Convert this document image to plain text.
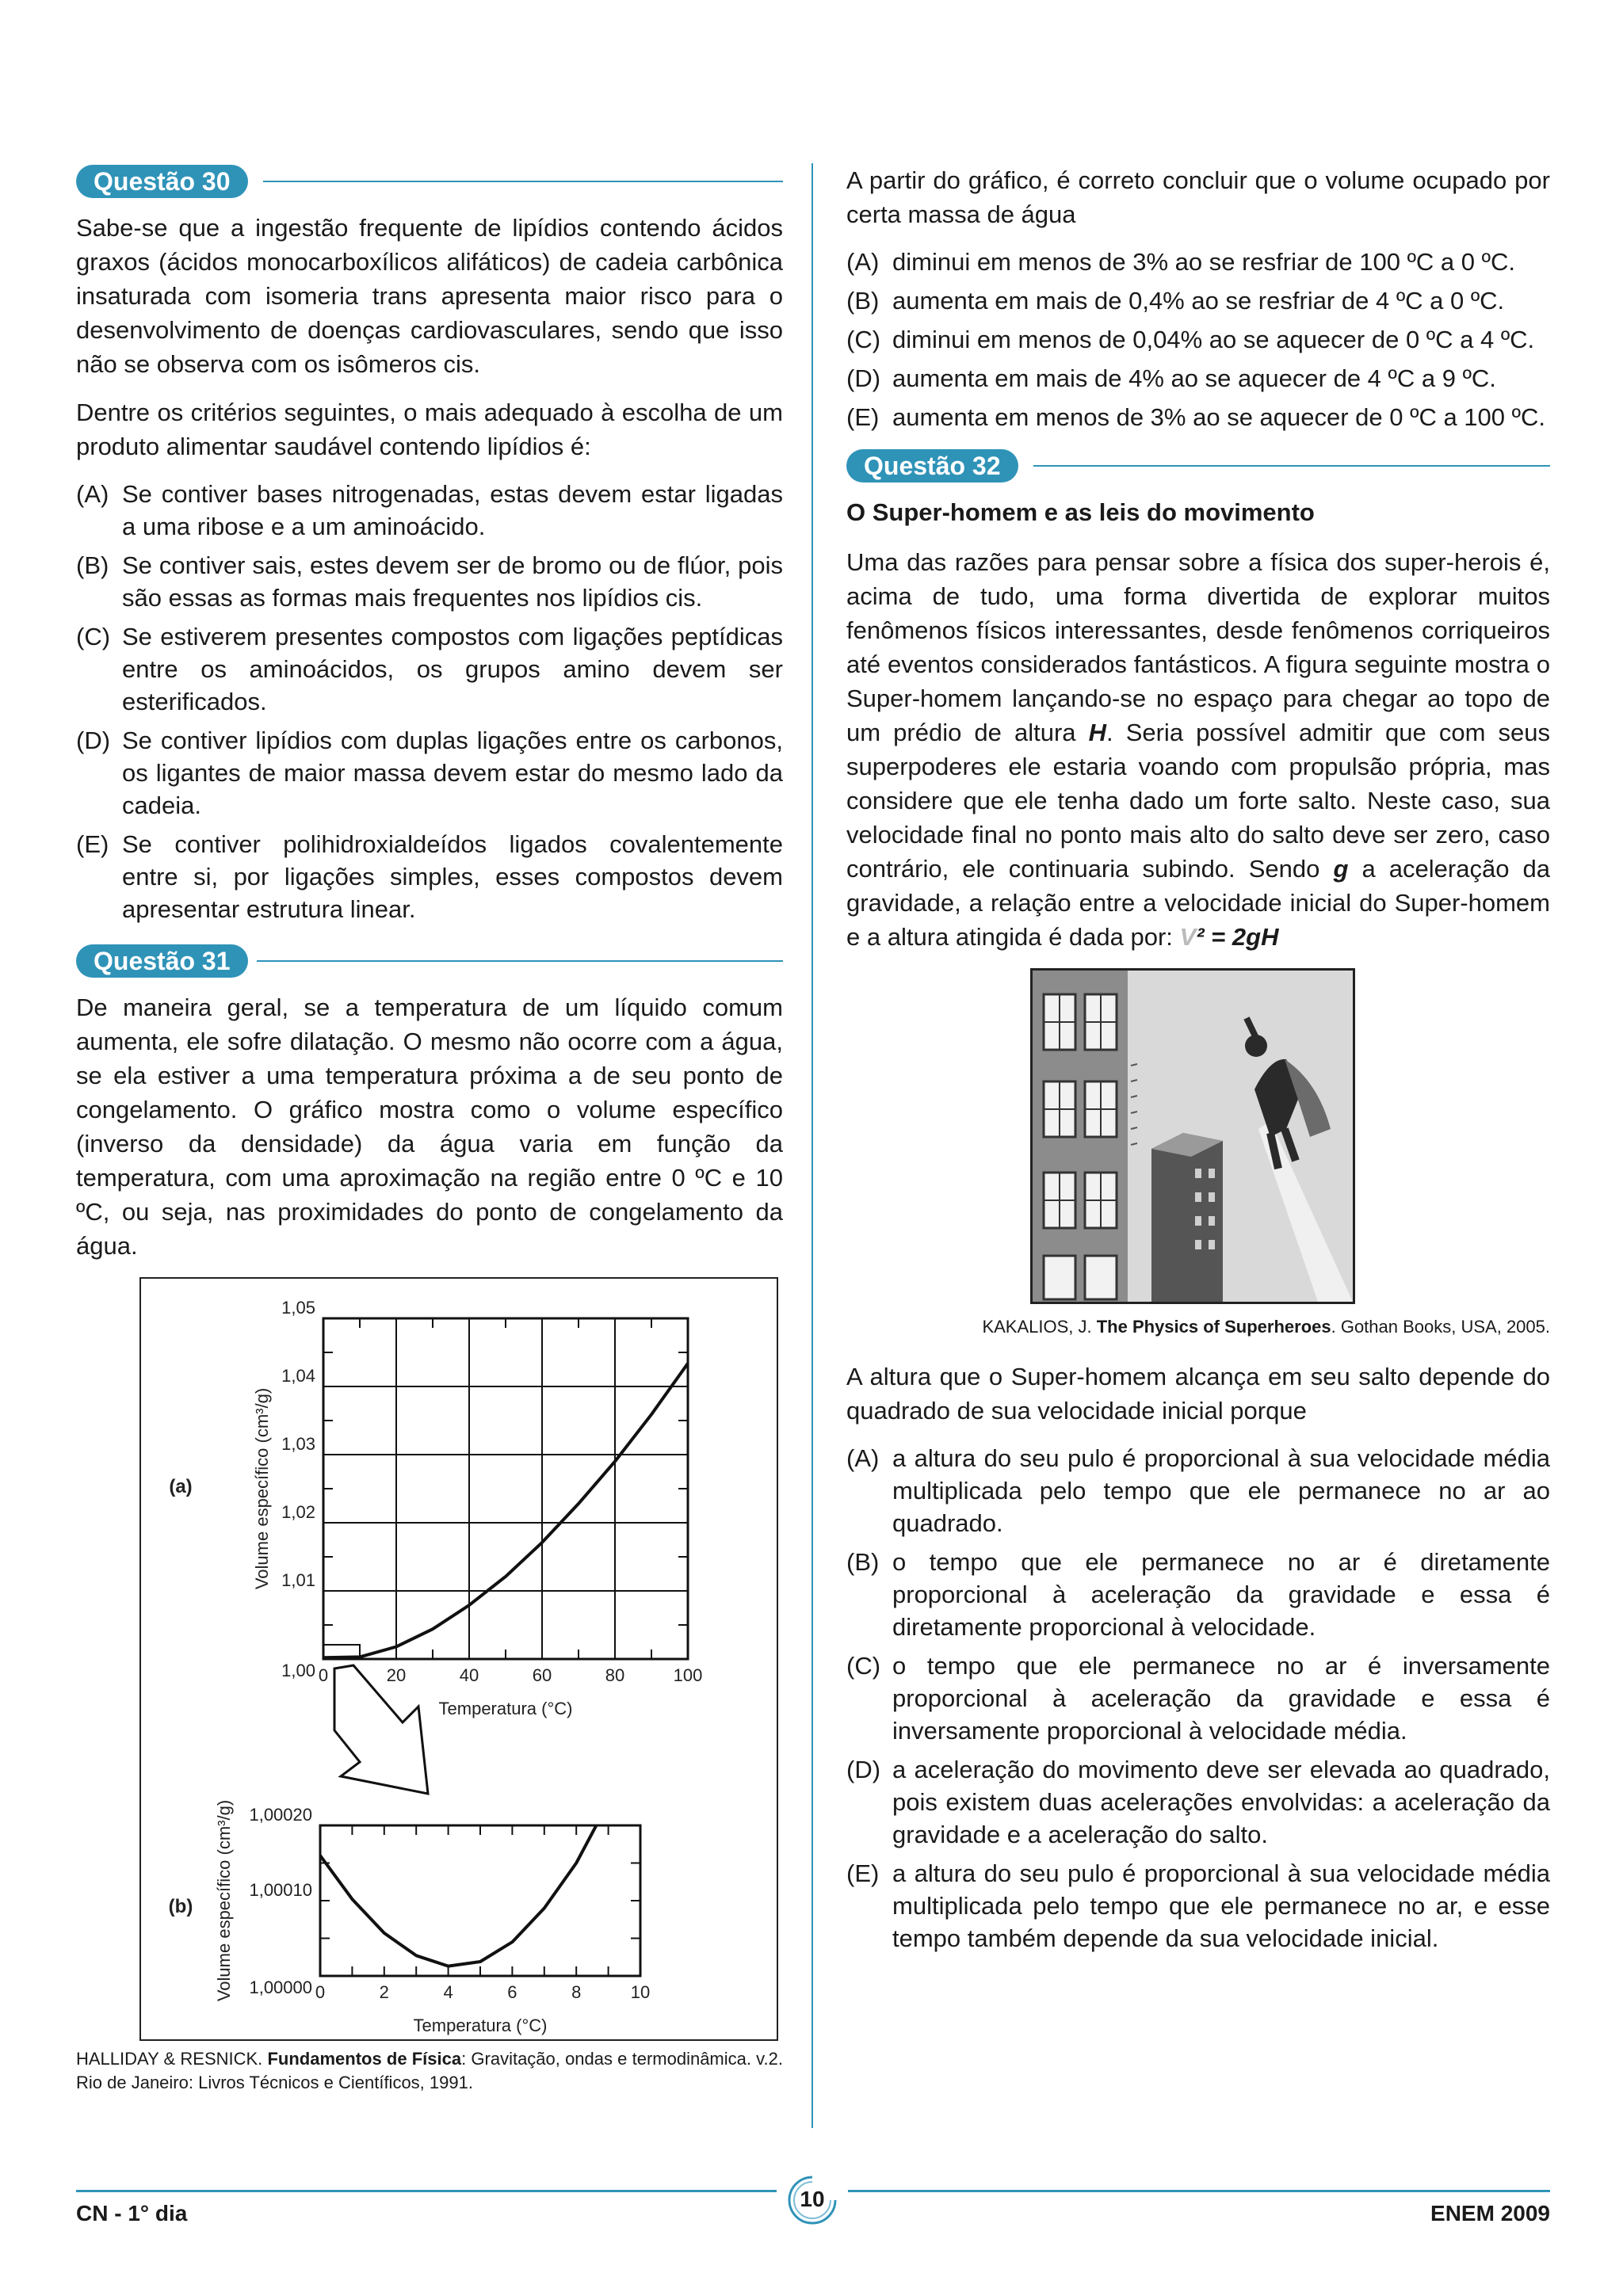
Questão 30

Sabe-se que a ingestão frequente de lipídios contendo ácidos graxos (ácidos monocarboxílicos alifáticos) de cadeia carbônica insaturada com isomeria trans apresenta maior risco para o desenvolvimento de doenças cardiovasculares, sendo que isso não se observa com os isômeros cis.

Dentre os critérios seguintes, o mais adequado à escolha de um produto alimentar saudável contendo lipídios é:

(A) Se contiver bases nitrogenadas, estas devem estar ligadas a uma ribose e a um aminoácido.
(B) Se contiver sais, estes devem ser de bromo ou de flúor, pois são essas as formas mais frequentes nos lipídios cis.
(C) Se estiverem presentes compostos com ligações peptídicas entre os aminoácidos, os grupos amino devem ser esterificados.
(D) Se contiver lipídios com duplas ligações entre os carbonos, os ligantes de maior massa devem estar do mesmo lado da cadeia.
(E) Se contiver polihidroxialdeídos ligados covalentemente entre si, por ligações simples, esses compostos devem apresentar estrutura linear.
Questão 31

De maneira geral, se a temperatura de um líquido comum aumenta, ele sofre dilatação. O mesmo não ocorre com a água, se ela estiver a uma temperatura próxima a de seu ponto de congelamento. O gráfico mostra como o volume específico (inverso da densidade) da água varia em função da temperatura, com uma aproximação na região entre 0 ºC e 10 ºC, ou seja, nas proximidades do ponto de congelamento da água.

0	20	40	60	80	100
1,00
1,01
1,02
1,03
1,04
1,05
Temperatura (°C)
Volume específico (cm³/g)
(a)
0	2	4	6	8	10
1,00000
1,00010
1,00020
Temperatura (°C)
Volume específico (cm³/g)
(b)
HALLIDAY & RESNICK. Fundamentos de Física: Gravitação, ondas e termodinâmica. v.2. Rio de Janeiro: Livros Técnicos e Científicos, 1991.

A partir do gráfico, é correto concluir que o volume ocupado por certa massa de água

(A) diminui em menos de 3% ao se resfriar de 100 ºC a 0 ºC.
(B) aumenta em mais de 0,4% ao se resfriar de 4 ºC a 0 ºC.
(C) diminui em menos de 0,04% ao se aquecer de 0 ºC a 4 ºC.
(D) aumenta em mais de 4% ao se aquecer de 4 ºC a 9 ºC.
(E) aumenta em menos de 3% ao se aquecer de 0 ºC a 100 ºC.
Questão 32
O Super-homem e as leis do movimento

Uma das razões para pensar sobre a física dos super-herois é, acima de tudo, uma forma divertida de explorar muitos fenômenos físicos interessantes, desde fenômenos corriqueiros até eventos considerados fantásticos. A figura seguinte mostra o Super-homem lançando-se no espaço para chegar ao topo de um prédio de altura H. Seria possível admitir que com seus superpoderes ele estaria voando com propulsão própria, mas considere que ele tenha dado um forte salto. Neste caso, sua velocidade final no ponto mais alto do salto deve ser zero, caso contrário, ele continuaria subindo. Sendo g a aceleração da gravidade, a relação entre a velocidade inicial do Super-homem e a altura atingida é dada por: V² = 2gH

KAKALIOS, J. The Physics of Superheroes. Gothan Books, USA, 2005.

A altura que o Super-homem alcança em seu salto depende do quadrado de sua velocidade inicial porque

(A) a altura do seu pulo é proporcional à sua velocidade média multiplicada pelo tempo que ele permanece no ar ao quadrado.
(B) o tempo que ele permanece no ar é diretamente proporcional à aceleração da gravidade e essa é diretamente proporcional à velocidade.
(C) o tempo que ele permanece no ar é inversamente proporcional à aceleração da gravidade e essa é inversamente proporcional à velocidade média.
(D) a aceleração do movimento deve ser elevada ao quadrado, pois existem duas acelerações envolvidas: a aceleração da gravidade e a aceleração do salto.
(E) a altura do seu pulo é proporcional à sua velocidade média multiplicada pelo tempo que ele permanece no ar, e esse tempo também depende da sua velocidade inicial.
10
CN - 1° dia	ENEM 2009
